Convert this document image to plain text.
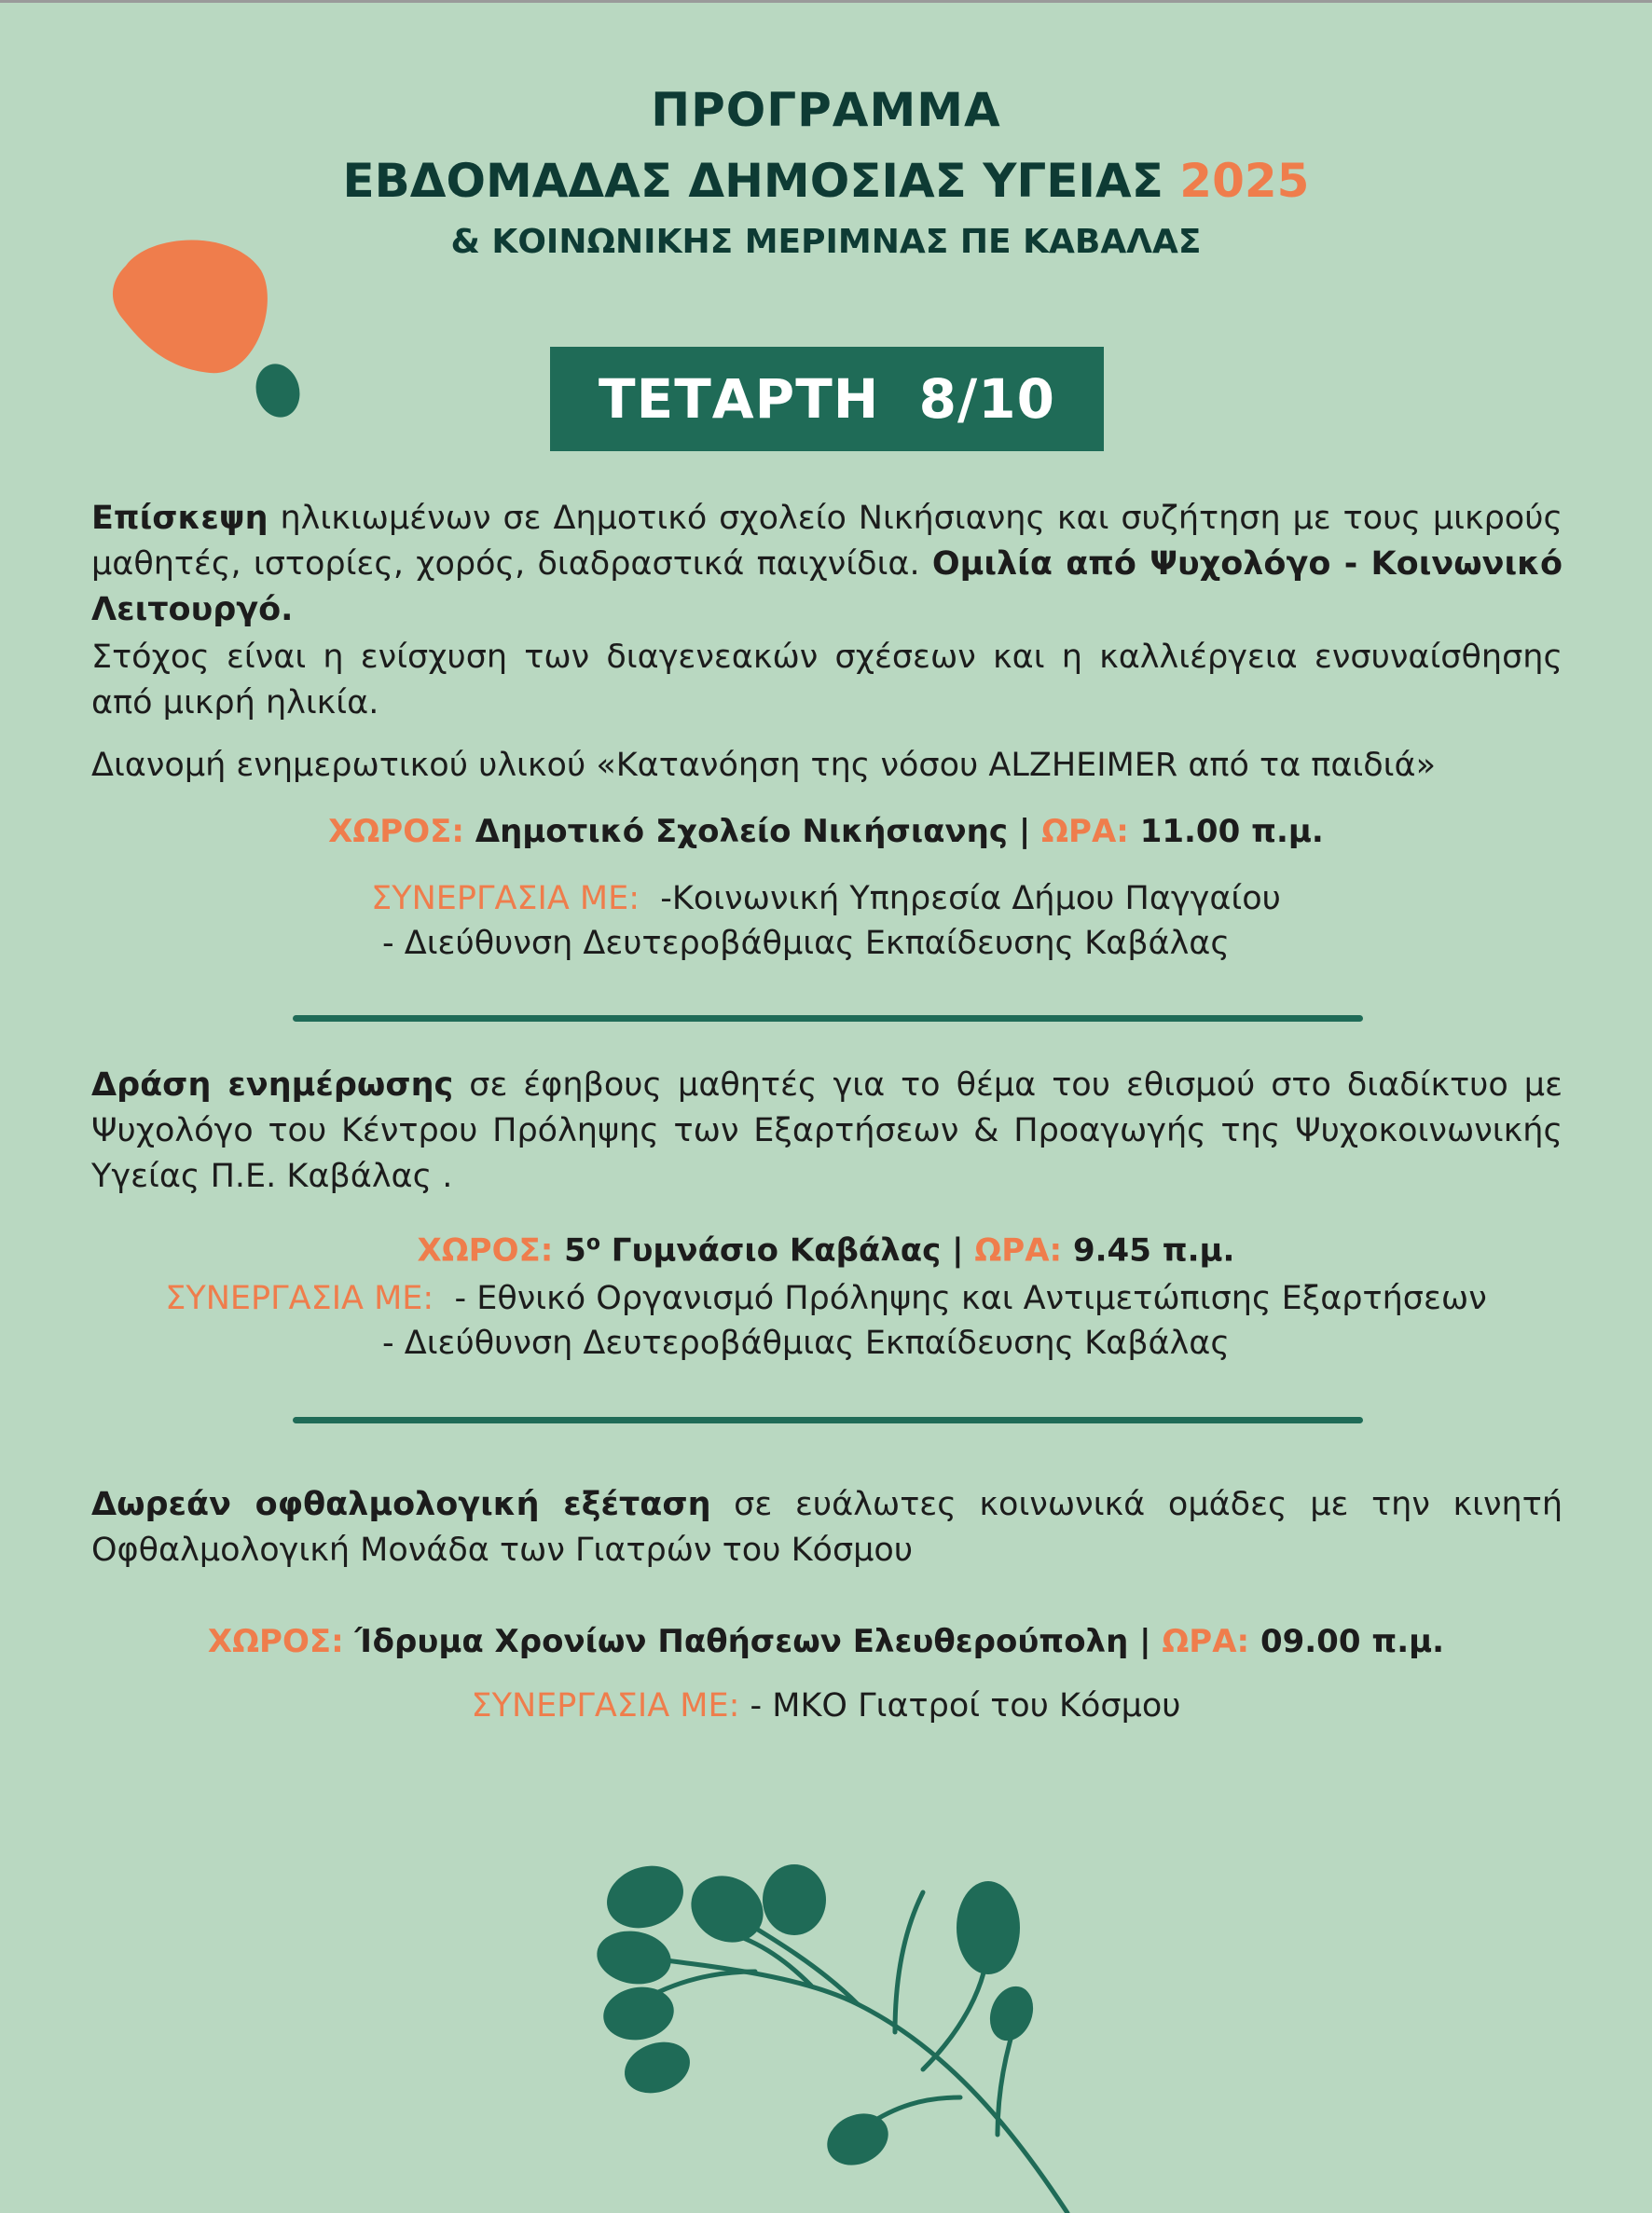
ΠΡΟΓΡΑΜΜΑ
ΕΒΔΟΜΑΔΑΣ ΔΗΜΟΣΙΑΣ ΥΓΕΙΑΣ 2025
& ΚΟΙΝΩΝΙΚΗΣ ΜΕΡΙΜΝΑΣ ΠΕ ΚΑΒΑΛΑΣ
ΤΕΤΑΡΤΗ  8/10

Επίσκεψη ηλικιωμένων σε Δημοτικό σχολείο Νικήσιανης και συζήτηση με τους μικρούς μαθητές, ιστορίες, χορός, διαδραστικά παιχνίδια. Ομιλία από Ψυχολόγο - Κοινωνικό Λειτουργό.

Στόχος είναι η ενίσχυση των διαγενεακών σχέσεων και η καλλιέργεια ενσυναίσθησης από μικρή ηλικία.

Διανομή ενημερωτικού υλικού «Κατανόηση της νόσου ALZHEIMER από τα παιδιά»

ΧΩΡΟΣ: Δημοτικό Σχολείο Νικήσιανης | ΩΡΑ: 11.00 π.μ.
ΣΥΝΕΡΓΑΣΙΑ ΜΕ:  -Κοινωνική Υπηρεσία Δήμου Παγγαίου
- Διεύθυνση Δευτεροβάθμιας Εκπαίδευσης Καβάλας

Δράση ενημέρωσης σε έφηβους μαθητές για το θέμα του εθισμού στο διαδίκτυο με Ψυχολόγο του Κέντρου Πρόληψης των Εξαρτήσεων & Προαγωγής της Ψυχοκοινωνικής Υγείας Π.Ε. Καβάλας .

ΧΩΡΟΣ: $5^o$ Γυμνάσιο Καβάλας | ΩΡΑ: 9.45 π.μ.
ΣΥΝΕΡΓΑΣΙΑ ΜΕ:  - Εθνικό Οργανισμό Πρόληψης και Αντιμετώπισης Εξαρτήσεων
- Διεύθυνση Δευτεροβάθμιας Εκπαίδευσης Καβάλας

Δωρεάν οφθαλμολογική εξέταση σε ευάλωτες κοινωνικά ομάδες με την κινητή Οφθαλμολογική Μονάδα των Γιατρών του Κόσμου

ΧΩΡΟΣ: Ίδρυμα Χρονίων Παθήσεων Ελευθερούπολη | ΩΡΑ: 09.00 π.μ.
ΣΥΝΕΡΓΑΣΙΑ ΜΕ: - ΜΚΟ Γιατροί του Κόσμου
